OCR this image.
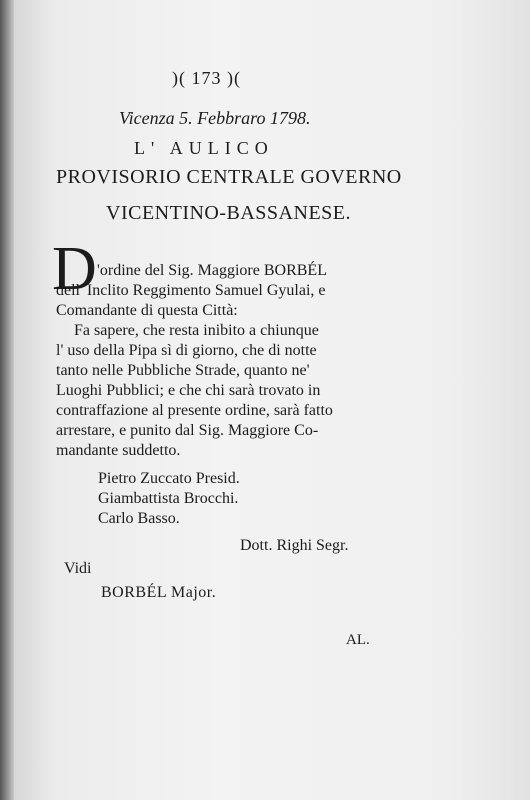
)( 173 )(
Vicenza 5. Febbraro 1798.
L' AULICO
PROVISORIO CENTRALE GOVERNO
VICENTINO-BASSANESE.
D 'ordine del Sig. Maggiore BORBÉL
dell' Inclito Reggimento Samuel Gyulai, e
Comandante di questa Città:
Fa sapere, che resta inibito a chiunque
l' uso della Pipa sì di giorno, che di notte
tanto nelle Pubbliche Strade, quanto ne'
Luoghi Pubblici; e che chi sarà trovato in
contraffazione al presente ordine, sarà fatto
arrestare, e punito dal Sig. Maggiore Co-
mandante suddetto.
Pietro Zuccato Presid.
Giambattista Brocchi.
Carlo Basso.
Dott. Righi Segr.
Vidi
BORBÉL Major.
AL.
